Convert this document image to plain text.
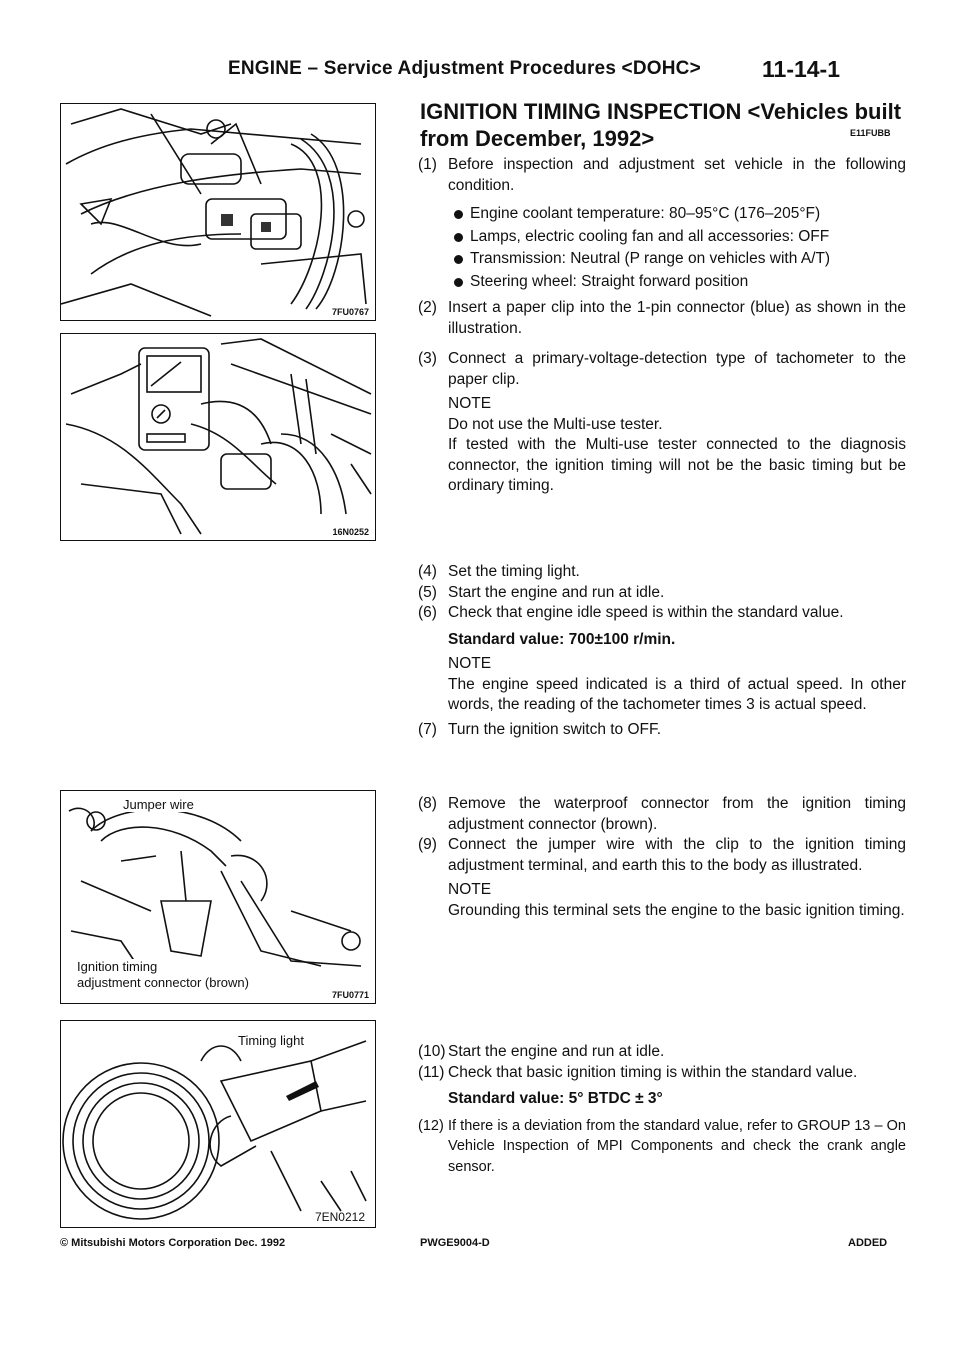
ENGINE – Service Adjustment Procedures <DOHC>	11-14-1
7FU0767
16N0252
Jumper wire
Ignition timing
adjustment connector (brown)
7FU0771
Timing light
7EN0212
IGNITION TIMING INSPECTION <Vehicles built
from December, 1992>	E11FUBB
(1) Before inspection and adjustment set vehicle in the following condition.
Engine coolant temperature: 80–95°C (176–205°F)
Lamps, electric cooling fan and all accessories: OFF
Transmission: Neutral (P range on vehicles with A/T)
Steering wheel: Straight forward position
(2) Insert a paper clip into the 1-pin connector (blue) as shown in the illustration.
(3) Connect a primary-voltage-detection type of tachometer to the paper clip.
NOTE
Do not use the Multi-use tester.
If tested with the Multi-use tester connected to the diagnosis connector, the ignition timing will not be the basic timing but be ordinary timing.
(4) Set the timing light.
(5) Start the engine and run at idle.
(6) Check that engine idle speed is within the standard value.
Standard value: 700±100 r/min.
NOTE
The engine speed indicated is a third of actual speed. In other words, the reading of the tachometer times 3 is actual speed.
(7) Turn the ignition switch to OFF.
(8) Remove the waterproof connector from the ignition timing adjustment connector (brown).
(9) Connect the jumper wire with the clip to the ignition timing adjustment terminal, and earth this to the body as illustrated.
NOTE
Grounding this terminal sets the engine to the basic ignition timing.
(10) Start the engine and run at idle.
(11) Check that basic ignition timing is within the standard value.
Standard value: 5° BTDC ± 3°
(12) If there is a deviation from the standard value, refer to GROUP 13 – On Vehicle Inspection of MPI Components and check the crank angle sensor.
© Mitsubishi Motors Corporation Dec. 1992	PWGE9004-D	ADDED
